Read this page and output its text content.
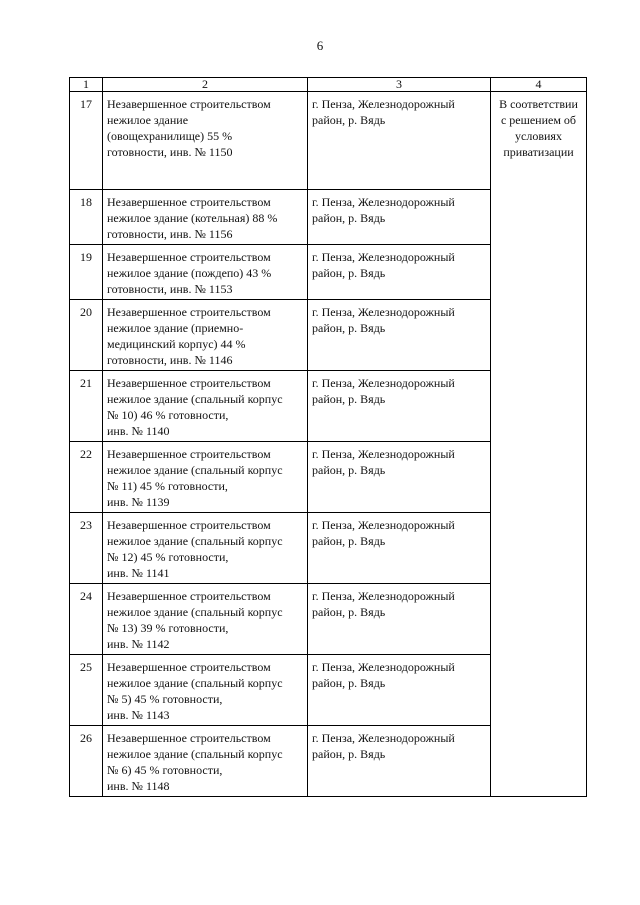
6
1	2	3	4
17	Незавершенное строительством
нежилое здание
(овощехранилище) 55 %
готовности, инв. № 1150	г. Пенза, Железнодорожный
район, р. Вядь	В соответствии
с решением об
условиях
приватизации
18	Незавершенное строительством
нежилое здание (котельная) 88 %
готовности, инв. № 1156	г. Пенза, Железнодорожный
район, р. Вядь	
19	Незавершенное строительством
нежилое здание (пождепо) 43 %
готовности, инв. № 1153	г. Пенза, Железнодорожный
район, р. Вядь	
20	Незавершенное строительством
нежилое здание (приемно-
медицинский корпус) 44 %
готовности, инв. № 1146	г. Пенза, Железнодорожный
район, р. Вядь	
21	Незавершенное строительством
нежилое здание (спальный корпус
№ 10) 46 % готовности,
инв. № 1140	г. Пенза, Железнодорожный
район, р. Вядь	
22	Незавершенное строительством
нежилое здание (спальный корпус
№ 11) 45 % готовности,
инв. № 1139	г. Пенза, Железнодорожный
район, р. Вядь	
23	Незавершенное строительством
нежилое здание (спальный корпус
№ 12) 45 % готовности,
инв. № 1141	г. Пенза, Железнодорожный
район, р. Вядь	
24	Незавершенное строительством
нежилое здание (спальный корпус
№ 13) 39 % готовности,
инв. № 1142	г. Пенза, Железнодорожный
район, р. Вядь	
25	Незавершенное строительством
нежилое здание (спальный корпус
№ 5) 45 % готовности,
инв. № 1143	г. Пенза, Железнодорожный
район, р. Вядь	
26	Незавершенное строительством
нежилое здание (спальный корпус
№ 6) 45 % готовности,
инв. № 1148	г. Пенза, Железнодорожный
район, р. Вядь	
